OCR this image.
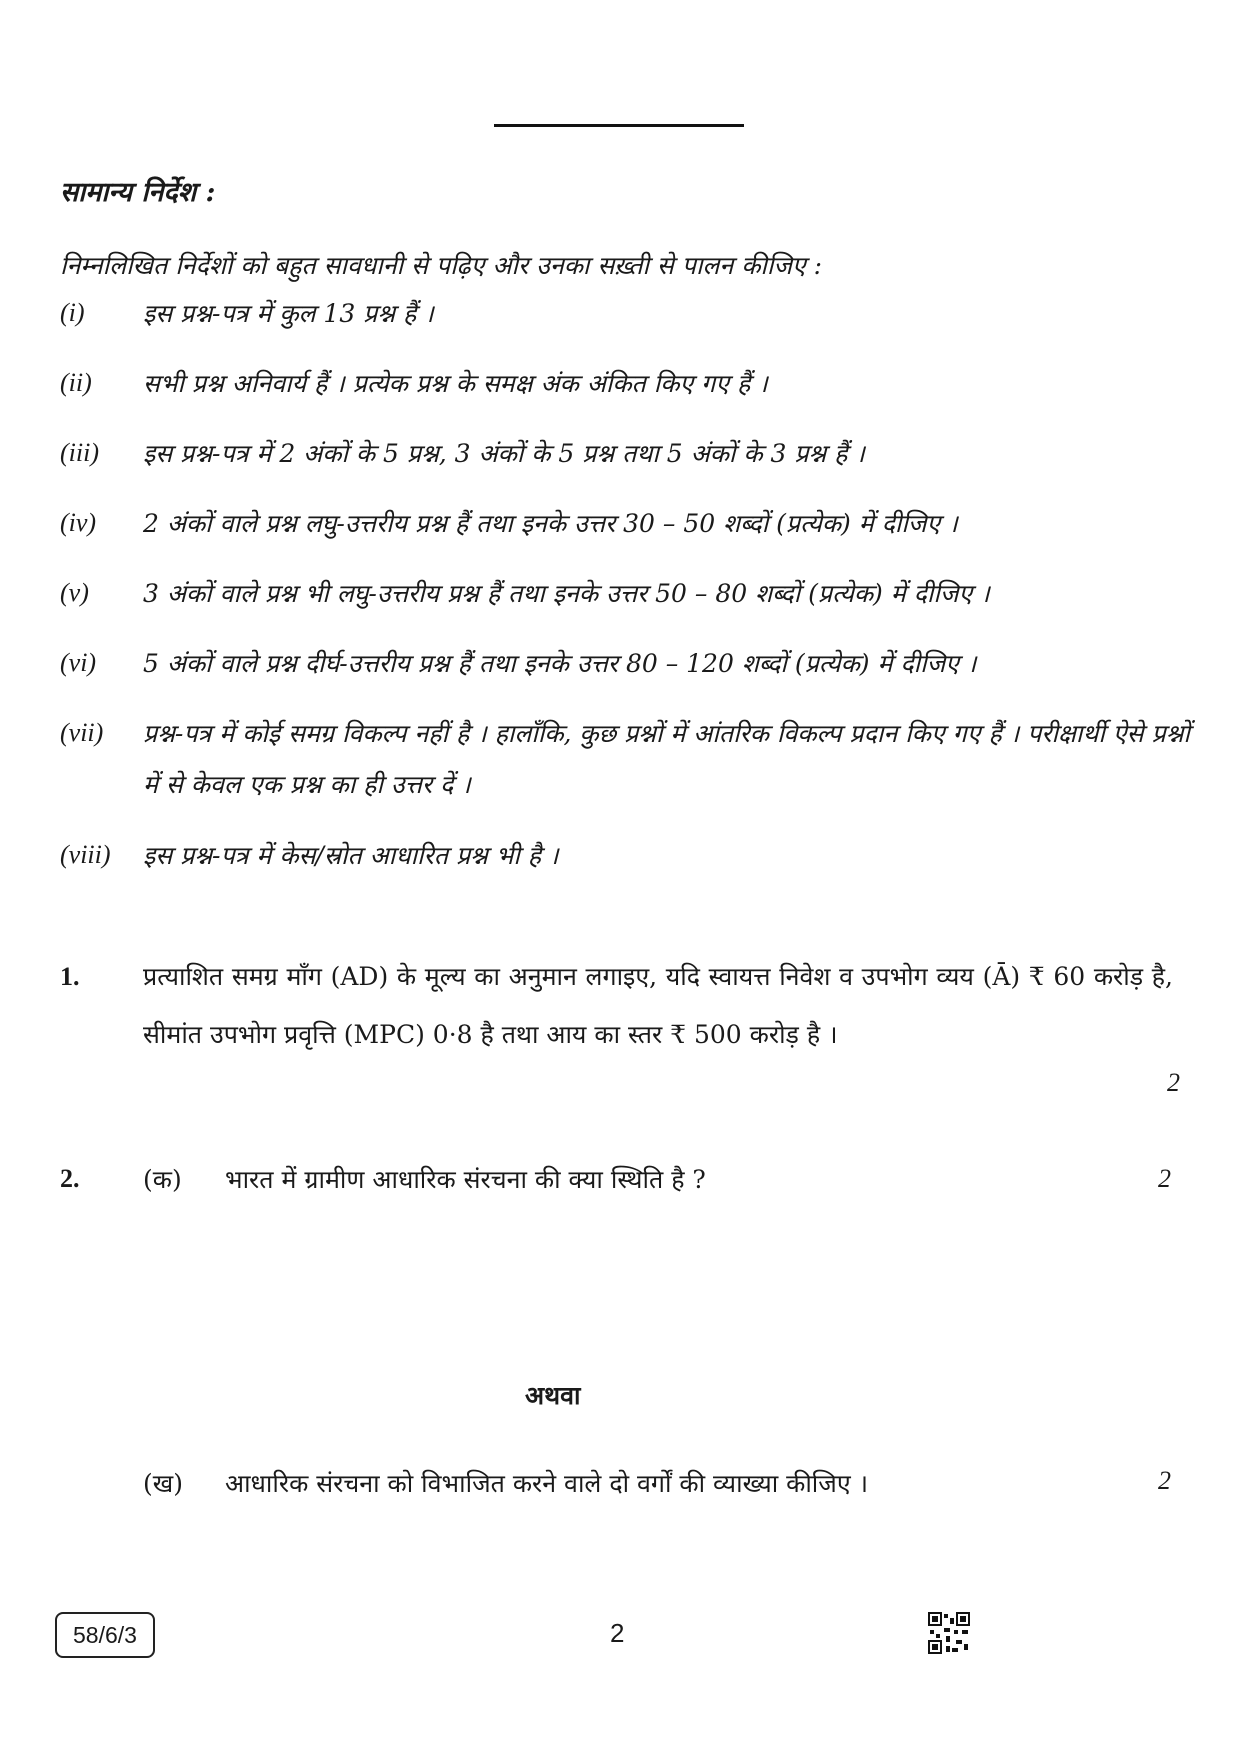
सामान्य निर्देश :
निम्नलिखित निर्देशों को बहुत सावधानी से पढ़िए और उनका सख़्ती से पालन कीजिए :
(i) इस प्रश्न-पत्र में कुल 13 प्रश्न हैं ।
(ii) सभी प्रश्न अनिवार्य हैं । प्रत्येक प्रश्न के समक्ष अंक अंकित किए गए हैं ।
(iii) इस प्रश्न-पत्र में 2 अंकों के 5 प्रश्न, 3 अंकों के 5 प्रश्न तथा 5 अंकों के 3 प्रश्न हैं ।
(iv) 2 अंकों वाले प्रश्न लघु-उत्तरीय प्रश्न हैं तथा इनके उत्तर 30 – 50 शब्दों (प्रत्येक) में दीजिए ।
(v) 3 अंकों वाले प्रश्न भी लघु-उत्तरीय प्रश्न हैं तथा इनके उत्तर 50 – 80 शब्दों (प्रत्येक) में दीजिए ।
(vi) 5 अंकों वाले प्रश्न दीर्घ-उत्तरीय प्रश्न हैं तथा इनके उत्तर 80 – 120 शब्दों (प्रत्येक) में दीजिए ।
(vii) प्रश्न-पत्र में कोई समग्र विकल्प नहीं है । हालाँकि, कुछ प्रश्नों में आंतरिक विकल्प प्रदान किए गए हैं । परीक्षार्थी ऐसे प्रश्नों में से केवल एक प्रश्न का ही उत्तर दें ।
(viii) इस प्रश्न-पत्र में केस/स्रोत आधारित प्रश्न भी है ।
1.	प्रत्याशित समग्र माँग (AD) के मूल्य का अनुमान लगाइए, यदि स्वायत्त निवेश व उपभोग व्यय (Ā) ₹ 60 करोड़ है, सीमांत उपभोग प्रवृत्ति (MPC) 0·8 है तथा आय का स्तर ₹ 500 करोड़ है ।
2
2.	(क) भारत में ग्रामीण आधारिक संरचना की क्या स्थिति है ?	2
अथवा
(ख) आधारिक संरचना को विभाजित करने वाले दो वर्गों की व्याख्या कीजिए ।	2
58/6/3	2
